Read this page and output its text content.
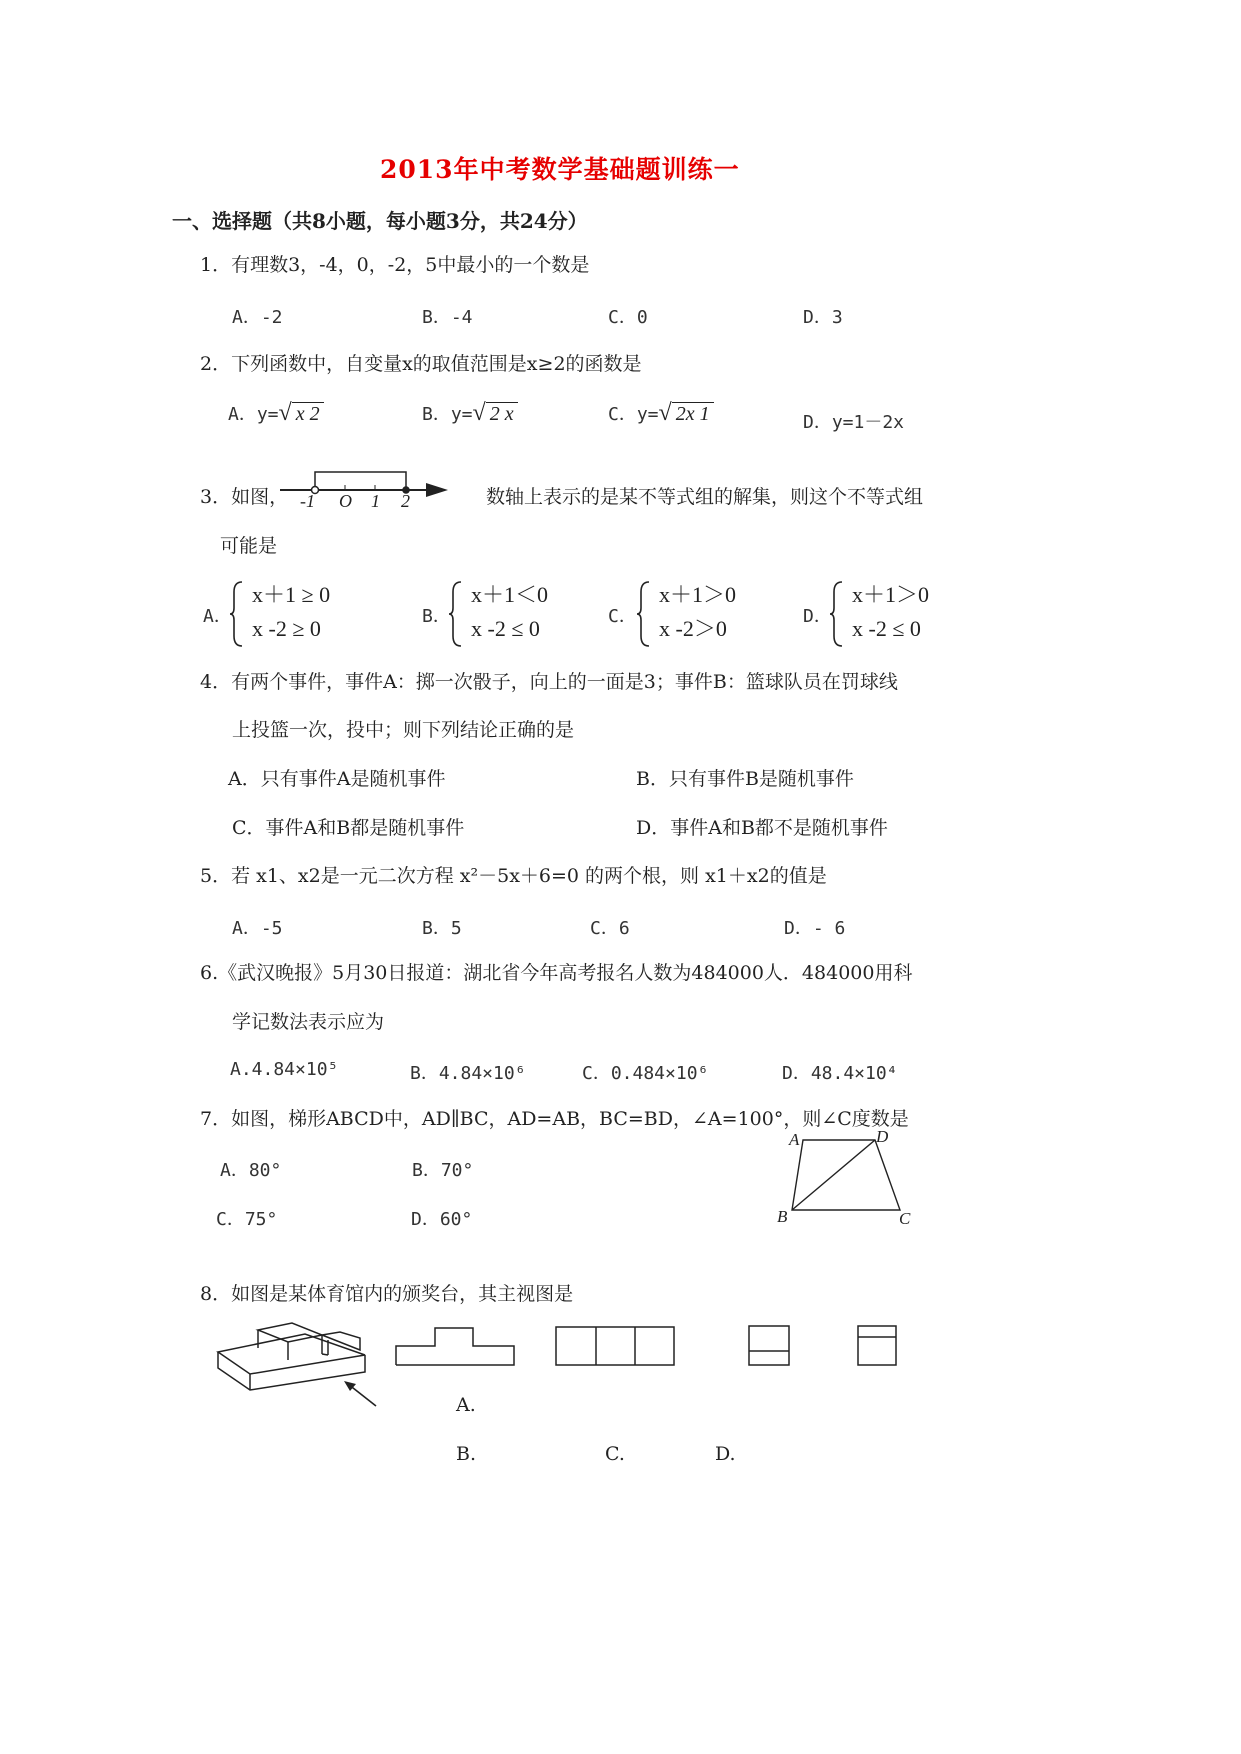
2013年中考数学基础题训练一
一、选择题（共8小题，每小题3分，共24分）
1．有理数3，-4，0，-2，5中最小的一个数是
A．-2	B．-4	C．0	D．3
2．下列函数中，自变量x的取值范围是x≥2的函数是
A．y=√ x 2	B．y=√ 2 x	C．y=√ 2x 1	D．y=1－2x
3．如图， -1 O 1 2	数轴上表示的是某不等式组的解集，则这个不等式组
可能是
A．
x＋1 ≥ 0
x -2 ≥ 0	B．
x＋1＜0
x -2 ≤ 0	C．
x＋1＞0
x -2＞0	D．
x＋1＞0
x -2 ≤ 0
4．有两个事件，事件A：掷一次骰子，向上的一面是3；事件B：篮球队员在罚球线
上投篮一次，投中；则下列结论正确的是
A．只有事件A是随机事件	B．只有事件B是随机事件
C．事件A和B都是随机事件	D．事件A和B都不是随机事件
5．若 x1、x2是一元二次方程 x²－5x＋6=0 的两个根，则 x1＋x2的值是
A．-5	B．5	C．6	D．- 6
6.《武汉晚报》5月30日报道：湖北省今年高考报名人数为484000人．484000用科
学记数法表示应为
A.4.84×10⁵	B．4.84×10⁶	C．0.484×10⁶	D．48.4×10⁴
7．如图，梯形ABCD中，AD∥BC，AD=AB，BC=BD，∠A=100°，则∠C度数是
A．80°	B．70°
C．75°	D．60°
A	D
B	C
8．如图是某体育馆内的颁奖台，其主视图是
A.
B.	C.	D.
